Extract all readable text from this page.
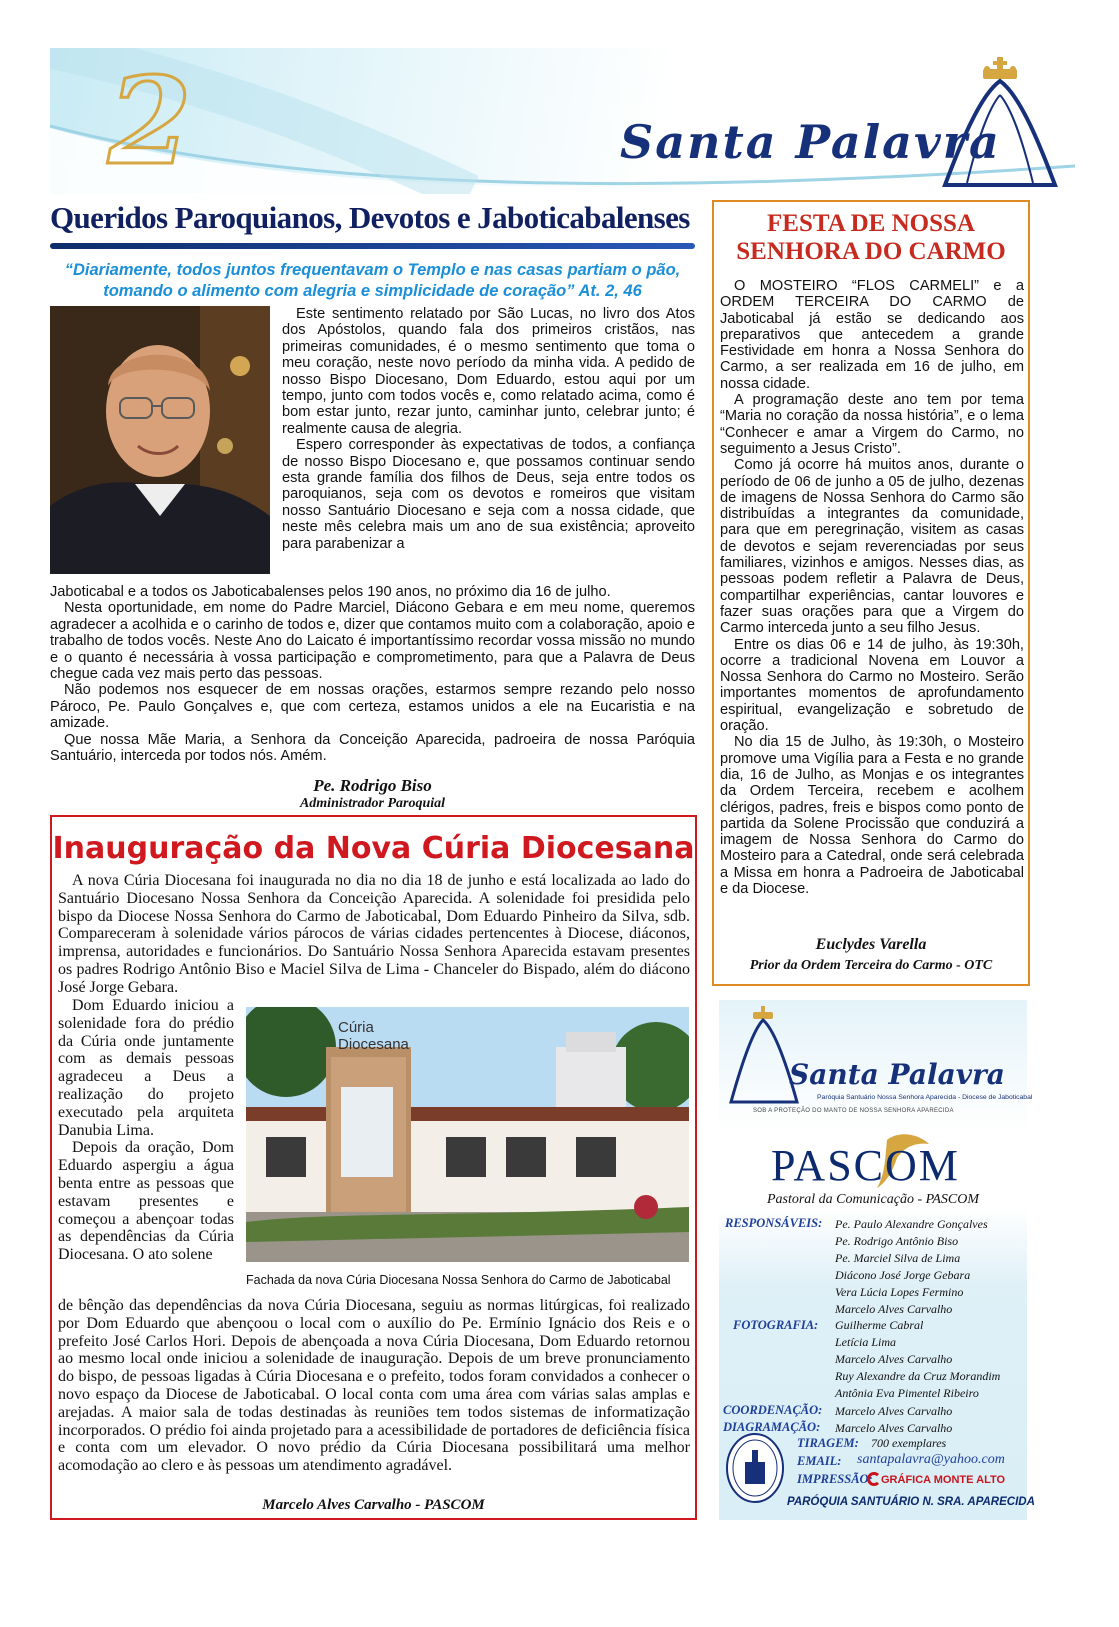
2	Santa Palavra
Queridos Paroquianos, Devotos e Jaboticabalenses
“Diariamente, todos juntos frequentavam o Templo e nas casas partiam o pão, tomando o alimento com alegria e simplicidade de coração” At. 2, 46

Este sentimento relatado por São Lucas, no livro dos Atos dos Apóstolos, quando fala dos primeiros cristãos, nas primeiras comunidades, é o mesmo sentimento que toma o meu coração, neste novo período da minha vida. A pedido de nosso Bispo Diocesano, Dom Eduardo, estou aqui por um tempo, junto com todos vocês e, como relatado acima, como é bom estar junto, rezar junto, caminhar junto, celebrar junto; é realmente causa de alegria.

Espero corresponder às expectativas de todos, a confiança de nosso Bispo Diocesano e, que possamos continuar sendo esta grande família dos filhos de Deus, seja entre todos os paroquianos, seja com os devotos e romeiros que visitam nosso Santuário Diocesano e seja com a nossa cidade, que neste mês celebra mais um ano de sua existência; aproveito para parabenizar a

Jaboticabal e a todos os Jaboticabalenses pelos 190 anos, no próximo dia 16 de julho.

Nesta oportunidade, em nome do Padre Marciel, Diácono Gebara e em meu nome, queremos agradecer a acolhida e o carinho de todos e, dizer que contamos muito com a colaboração, apoio e trabalho de todos vocês. Neste Ano do Laicato é importantíssimo recordar vossa missão no mundo e o quanto é necessária à vossa participação e comprometimento, para que a Palavra de Deus chegue cada vez mais perto das pessoas.

Não podemos nos esquecer de em nossas orações, estarmos sempre rezando pelo nosso Pároco, Pe. Paulo Gonçalves e, que com certeza, estamos unidos a ele na Eucaristia e na amizade.

Que nossa Mãe Maria, a Senhora da Conceição Aparecida, padroeira de nossa Paróquia Santuário, interceda por todos nós. Amém.

Pe. Rodrigo Biso
Administrador Paroquial
Inauguração da Nova Cúria Diocesana

A nova Cúria Diocesana foi inaugurada no dia no dia 18 de junho e está localizada ao lado do Santuário Diocesano Nossa Senhora da Conceição Aparecida. A solenidade foi presidida pelo bispo da Diocese Nossa Senhora do Carmo de Jaboticabal, Dom Eduardo Pinheiro da Silva, sdb. Compareceram à solenidade vários párocos de várias cidades pertencentes à Diocese, diáconos, imprensa, autoridades e funcionários. Do Santuário Nossa Senhora Aparecida estavam presentes os padres Rodrigo Antônio Biso e Maciel Silva de Lima - Chanceler do Bispado, além do diácono José Jorge Gebara.

Dom Eduardo iniciou a solenidade fora do prédio da Cúria onde juntamente com as demais pessoas agradeceu a Deus a realização do projeto executado pela arquiteta Danubia Lima.

Depois da oração, Dom Eduardo aspergiu a água benta entre as pessoas que estavam presentes e começou a abençoar todas as dependências da Cúria Diocesana. O ato solene

Cúria Diocesana
Fachada da nova Cúria Diocesana Nossa Senhora do Carmo de Jaboticabal
de bênção das dependências da nova Cúria Diocesana, seguiu as normas litúrgicas, foi realizado por Dom Eduardo que abençoou o local com o auxílio do Pe. Ermínio Ignácio dos Reis e o prefeito José Carlos Hori. Depois de abençoada a nova Cúria Diocesana, Dom Eduardo retornou ao mesmo local onde iniciou a solenidade de inauguração. Depois de um breve pronunciamento do bispo, de pessoas ligadas à Cúria Diocesana e o prefeito, todos foram convidados a conhecer o novo espaço da Diocese de Jaboticabal. O local conta com uma área com várias salas amplas e arejadas. A maior sala de todas destinadas às reuniões tem todos sistemas de informatização incorporados. O prédio foi ainda projetado para a acessibilidade de portadores de deficiência física e conta com um elevador. O novo prédio da Cúria Diocesana possibilitará uma melhor acomodação ao clero e às pessoas um atendimento agradável.
Marcelo Alves Carvalho - PASCOM
FESTA DE NOSSA SENHORA DO CARMO

O MOSTEIRO “FLOS CARMELI” e a ORDEM TERCEIRA DO CARMO de Jaboticabal já estão se dedicando aos preparativos que antecedem a grande Festividade em honra a Nossa Senhora do Carmo, a ser realizada em 16 de julho, em nossa cidade.

A programação deste ano tem por tema “Maria no coração da nossa história”, e o lema “Conhecer e amar a Virgem do Carmo, no seguimento a Jesus Cristo”.

Como já ocorre há muitos anos, durante o período de 06 de junho a 05 de julho, dezenas de imagens de Nossa Senhora do Carmo são distribuídas a integrantes da comunidade, para que em peregrinação, visitem as casas de devotos e sejam reverenciadas por seus familiares, vizinhos e amigos. Nesses dias, as pessoas podem refletir a Palavra de Deus, compartilhar experiências, cantar louvores e fazer suas orações para que a Virgem do Carmo interceda junto a seu filho Jesus.

Entre os dias 06 e 14 de julho, às 19:30h, ocorre a tradicional Novena em Louvor a Nossa Senhora do Carmo no Mosteiro. Serão importantes momentos de aprofundamento espiritual, evangelização e sobretudo de oração.

No dia 15 de Julho, às 19:30h, o Mosteiro promove uma Vigília para a Festa e no grande dia, 16 de Julho, as Monjas e os integrantes da Ordem Terceira, recebem e acolhem clérigos, padres, freis e bispos como ponto de partida da Solene Procissão que conduzirá a imagem de Nossa Senhora do Carmo do Mosteiro para a Catedral, onde será celebrada a Missa em honra a Padroeira de Jaboticabal e da Diocese.

Euclydes Varella
Prior da Ordem Terceira do Carmo - OTC
Santa Palavra
Paróquia Santuário Nossa Senhora Aparecida - Diocese de Jaboticabal
SOB A PROTEÇÃO DO MANTO DE NOSSA SENHORA APARECIDA
PASCOM
Pastoral da Comunicação - PASCOM
RESPONSÁVEIS: Pe. Paulo Alexandre Gonçalves
Pe. Rodrigo Antônio Biso
Pe. Marciel Silva de Lima
Diácono José Jorge Gebara
Vera Lúcia Lopes Fermino
Marcelo Alves Carvalho
FOTOGRAFIA: Guilherme Cabral
Letícia Lima
Marcelo Alves Carvalho
Ruy Alexandre da Cruz Morandim
Antônia Eva Pimentel Ribeiro
COORDENAÇÃO: Marcelo Alves Carvalho
DIAGRAMAÇÃO: Marcelo Alves Carvalho
TIRAGEM: 700 exemplares
EMAIL: santapalavra@yahoo.com
IMPRESSÃO: GRÁFICA MONTE ALTO
PARÓQUIA SANTUÁRIO N. SRA. APARECIDA
